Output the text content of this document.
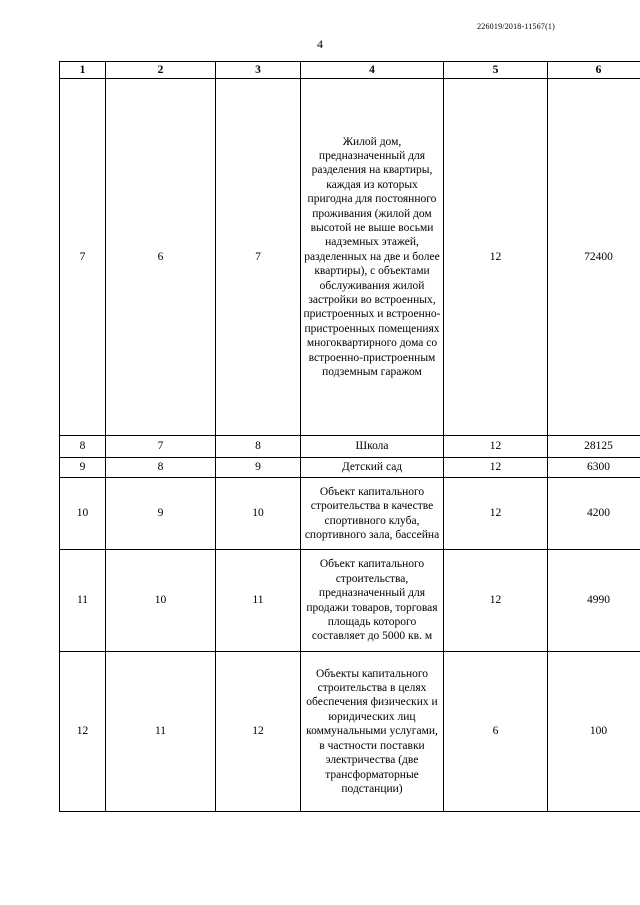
226019/2018-11567(1)
4
1	2	3	4	5	6
7	6	7	Жилой дом, предназначенный для разделения на квартиры, каждая из которых пригодна для постоянного проживания (жилой дом высотой не выше восьми надземных этажей, разделенных на две и более квартиры), с объектами обслуживания жилой застройки во встроенных, пристроенных и встроенно-пристроенных помещениях многоквартирного дома со встроенно-пристроенным подземным гаражом	12	72400
8	7	8	Школа	12	28125
9	8	9	Детский сад	12	6300
10	9	10	Объект капитального строительства в качестве спортивного клуба, спортивного зала, бассейна	12	4200
11	10	11	Объект капитального строительства, предназначенный для продажи товаров, торговая площадь которого составляет до 5000 кв. м	12	4990
12	11	12	Объекты капитального строительства в целях обеспечения физических и юридических лиц коммунальными услугами, в частности поставки электричества (две трансформаторные подстанции)	6	100
